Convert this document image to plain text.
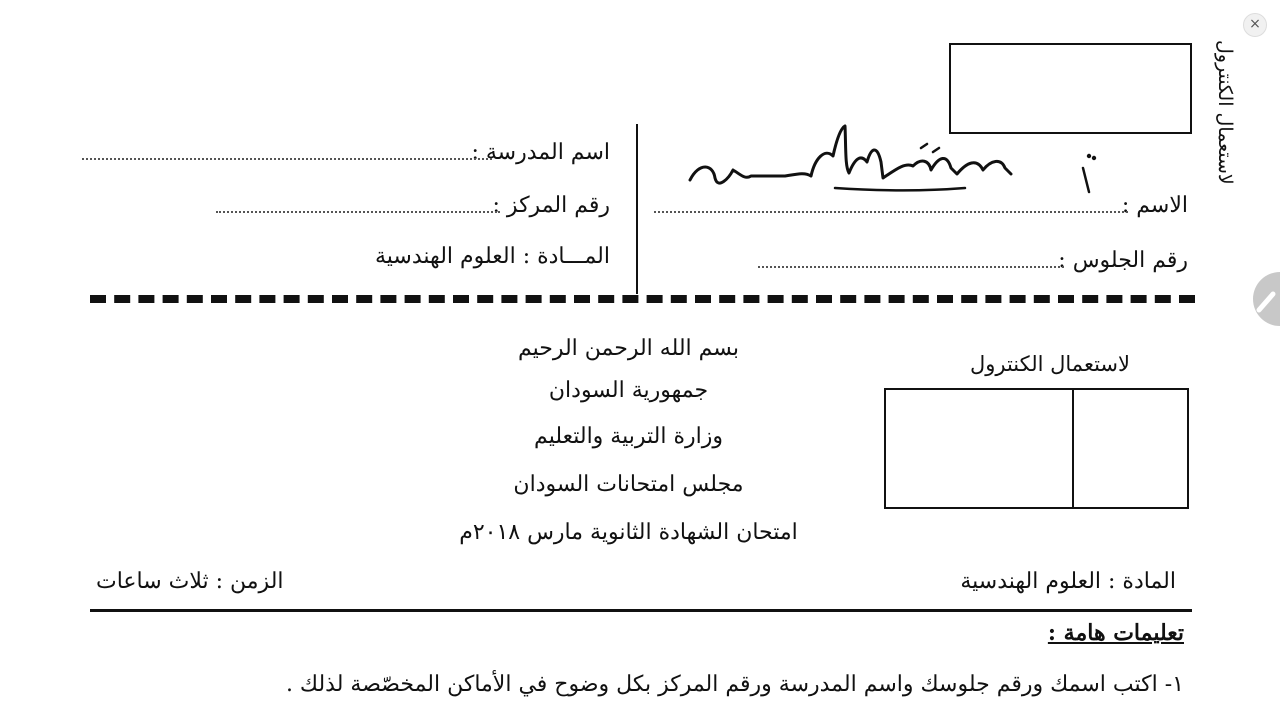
لاستعمال الكنترول
اسم المدرسة :
رقم المركز :
المـــادة : العلوم الهندسية
الاسم :
رقم الجلوس :
بسم الله الرحمن الرحيم
جمهورية السودان
وزارة التربية والتعليم
مجلس امتحانات السودان
امتحان الشهادة الثانوية مارس ٢٠١٨م
لاستعمال الكنترول
المادة : العلوم الهندسية
الزمن : ثلاث ساعات
تعليمات هامة :
١- اكتب اسمك ورقم جلوسك واسم المدرسة ورقم المركز بكل وضوح في الأماكن المخصّصة لذلك .
×
